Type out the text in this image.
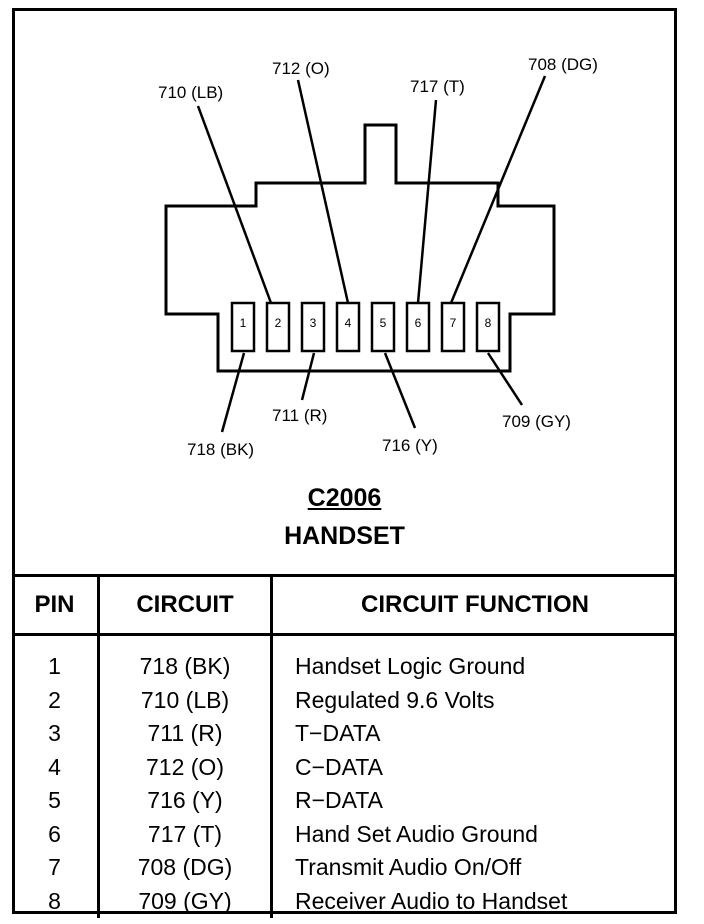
1 2 3 4 5 6 7 8
710 (LB)
712 (O)
717 (T)
708 (DG)
718 (BK)
711 (R)
716 (Y)
709 (GY)
C2006
HANDSET
PIN	CIRCUIT	CIRCUIT FUNCTION
1	718 (BK)	Handset Logic Ground
2	710 (LB)	Regulated 9.6 Volts
3	711 (R)	T−DATA
4	712 (O)	C−DATA
5	716 (Y)	R−DATA
6	717 (T)	Hand Set Audio Ground
7	708 (DG)	Transmit Audio On/Off
8	709 (GY)	Receiver Audio to Handset
